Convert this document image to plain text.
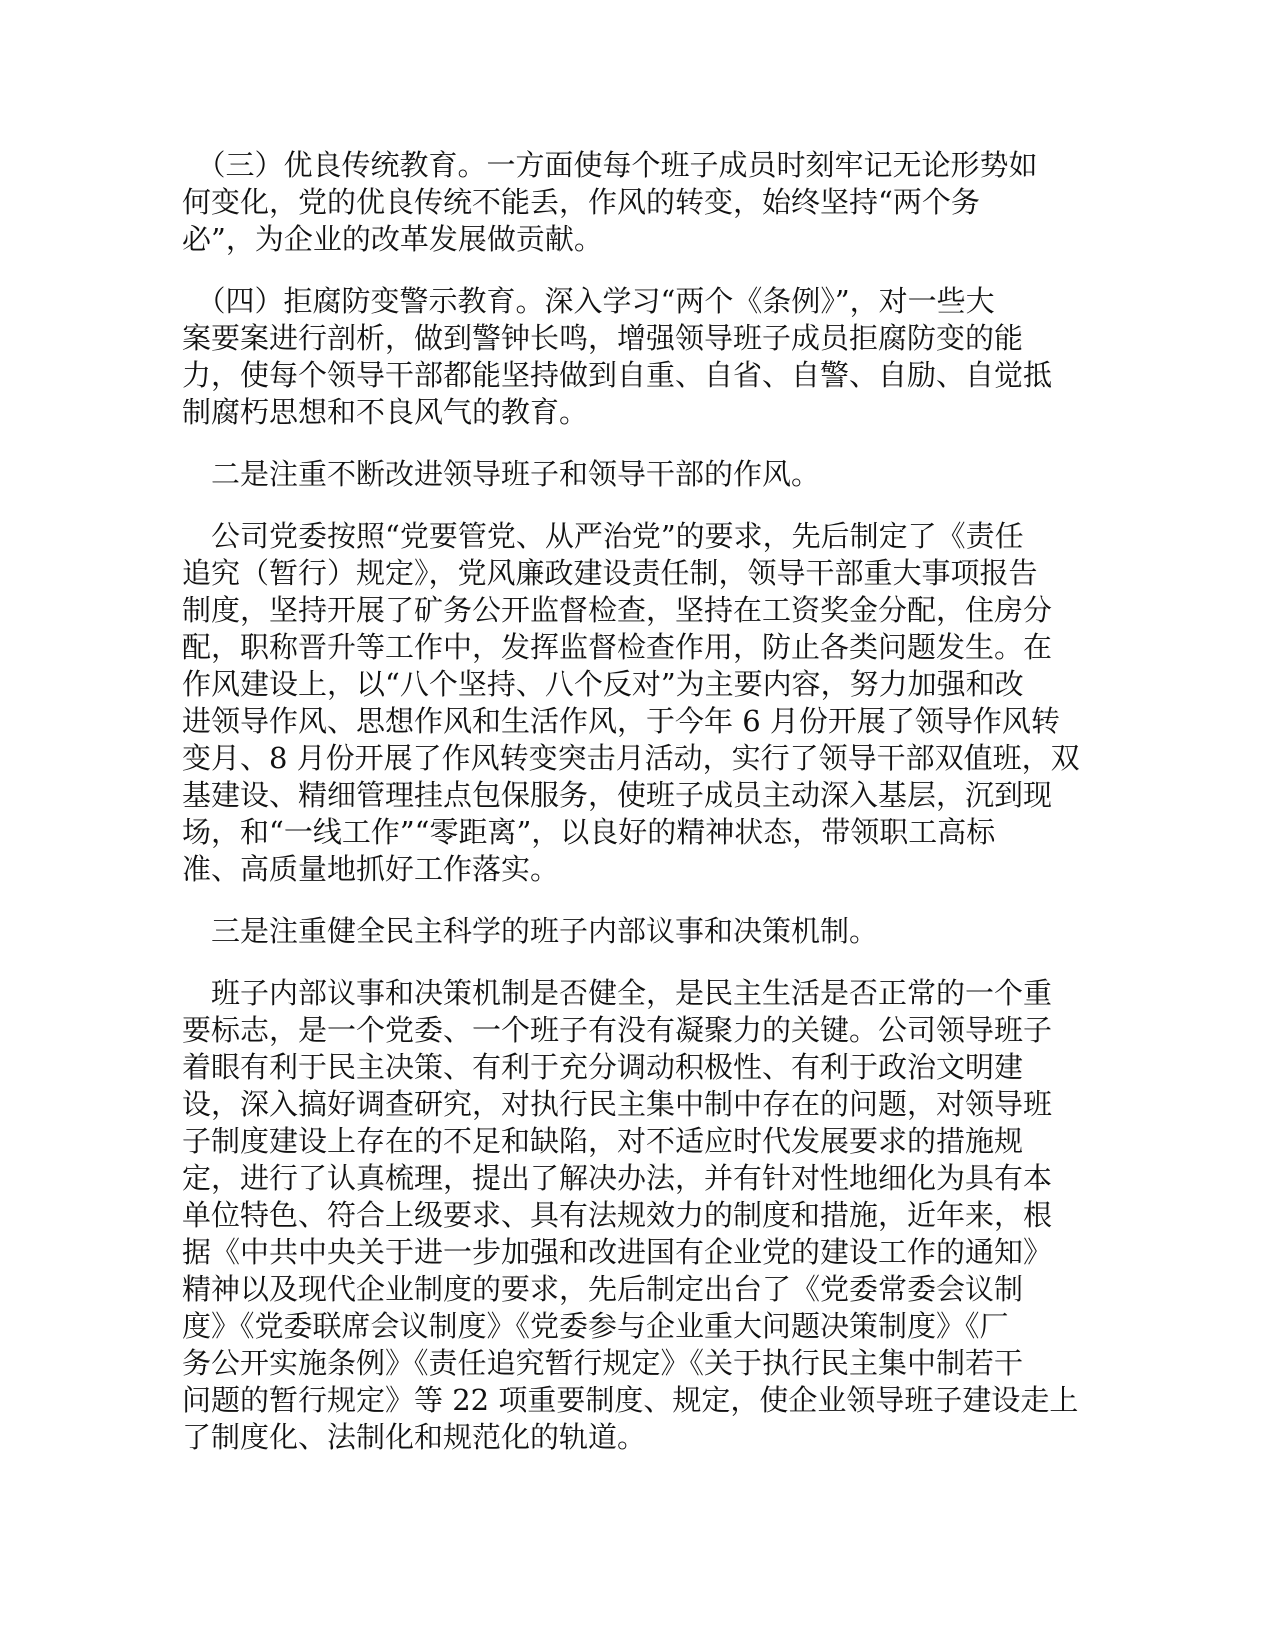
　（三）优良传统教育。一方面使每个班子成员时刻牢记无论形势如
何变化，党的优良传统不能丢，作风的转变，始终坚持“两个务
必”，为企业的改革发展做贡献。

　（四）拒腐防变警示教育。深入学习“两个《条例》”，对一些大
案要案进行剖析，做到警钟长鸣，增强领导班子成员拒腐防变的能
力，使每个领导干部都能坚持做到自重、自省、自警、自励、自觉抵
制腐朽思想和不良风气的教育。

　二是注重不断改进领导班子和领导干部的作风。

　公司党委按照“党要管党、从严治党”的要求，先后制定了《责任
追究（暂行）规定》，党风廉政建设责任制，领导干部重大事项报告
制度，坚持开展了矿务公开监督检查，坚持在工资奖金分配，住房分
配，职称晋升等工作中，发挥监督检查作用，防止各类问题发生。在
作风建设上，以“八个坚持、八个反对”为主要内容，努力加强和改
进领导作风、思想作风和生活作风，于今年 6 月份开展了领导作风转
变月、8 月份开展了作风转变突击月活动，实行了领导干部双值班，双
基建设、精细管理挂点包保服务，使班子成员主动深入基层，沉到现
场，和“一线工作”“零距离”，以良好的精神状态，带领职工高标
准、高质量地抓好工作落实。

　三是注重健全民主科学的班子内部议事和决策机制。

　班子内部议事和决策机制是否健全，是民主生活是否正常的一个重
要标志，是一个党委、一个班子有没有凝聚力的关键。公司领导班子
着眼有利于民主决策、有利于充分调动积极性、有利于政治文明建
设，深入搞好调查研究，对执行民主集中制中存在的问题，对领导班
子制度建设上存在的不足和缺陷，对不适应时代发展要求的措施规
定，进行了认真梳理，提出了解决办法，并有针对性地细化为具有本
单位特色、符合上级要求、具有法规效力的制度和措施，近年来，根
据《中共中央关于进一步加强和改进国有企业党的建设工作的通知》
精神以及现代企业制度的要求，先后制定出台了《党委常委会议制
度》《党委联席会议制度》《党委参与企业重大问题决策制度》《厂
务公开实施条例》《责任追究暂行规定》《关于执行民主集中制若干
问题的暂行规定》等 22 项重要制度、规定，使企业领导班子建设走上
了制度化、法制化和规范化的轨道。
